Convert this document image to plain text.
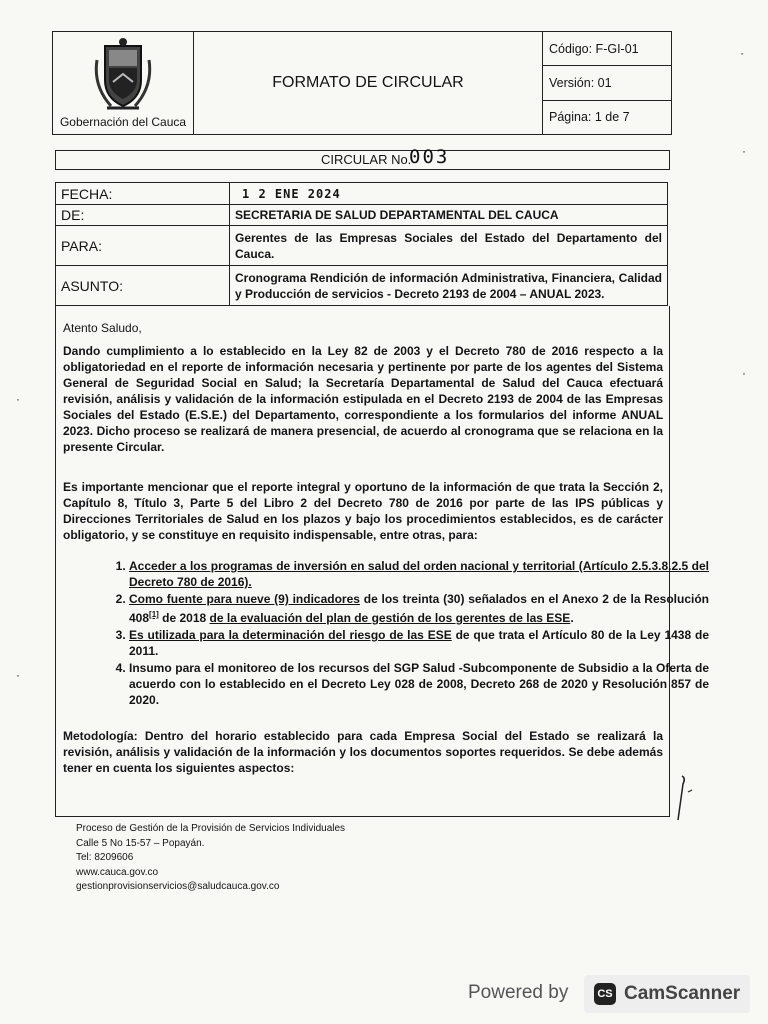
Gobernación del Cauca
FORMATO DE CIRCULAR
Código: F-GI-01
Versión: 01
Página: 1 de 7
CIRCULAR No.
003
FECHA:	1 2 ENE 2024
DE:	SECRETARIA DE SALUD DEPARTAMENTAL DEL CAUCA
PARA:	Gerentes de las Empresas Sociales del Estado del Departamento del Cauca.
ASUNTO:	Cronograma Rendición de información Administrativa, Financiera, Calidad y Producción de servicios - Decreto 2193 de 2004 – ANUAL 2023.
Atento Saludo,
Dando cumplimiento a lo establecido en la Ley 82 de 2003 y el Decreto 780 de 2016 respecto a la obligatoriedad en el reporte de información necesaria y pertinente por parte de los agentes del Sistema General de Seguridad Social en Salud; la Secretaría Departamental de Salud del Cauca efectuará revisión, análisis y validación de la información estipulada en el Decreto 2193 de 2004 de las Empresas Sociales del Estado (E.S.E.) del Departamento, correspondiente a los formularios del informe ANUAL 2023. Dicho proceso se realizará de manera presencial, de acuerdo al cronograma que se relaciona en la presente Circular.
Es importante mencionar que el reporte integral y oportuno de la información de que trata la Sección 2, Capítulo 8, Título 3, Parte 5 del Libro 2 del Decreto 780 de 2016 por parte de las IPS públicas y Direcciones Territoriales de Salud en los plazos y bajo los procedimientos establecidos, es de carácter obligatorio, y se constituye en requisito indispensable, entre otras, para:
1. Acceder a los programas de inversión en salud del orden nacional y territorial (Artículo 2.5.3.8.2.5 del Decreto 780 de 2016).
2. Como fuente para nueve (9) indicadores de los treinta (30) señalados en el Anexo 2 de la Resolución 408[1] de 2018 de la evaluación del plan de gestión de los gerentes de las ESE.
3. Es utilizada para la determinación del riesgo de las ESE de que trata el Artículo 80 de la Ley 1438 de 2011.
4. Insumo para el monitoreo de los recursos del SGP Salud -Subcomponente de Subsidio a la Oferta de acuerdo con lo establecido en el Decreto Ley 028 de 2008, Decreto 268 de 2020 y Resolución 857 de 2020.
Metodología: Dentro del horario establecido para cada Empresa Social del Estado se realizará la revisión, análisis y validación de la información y los documentos soportes requeridos. Se debe además tener en cuenta los siguientes aspectos:
Proceso de Gestión de la Provisión de Servicios Individuales
Calle 5 No 15-57 – Popayán.
Tel: 8209606
www.cauca.gov.co
gestionprovisionservicios@saludcauca.gov.co
·
·
·
·
·
Powered by	CS CamScanner
